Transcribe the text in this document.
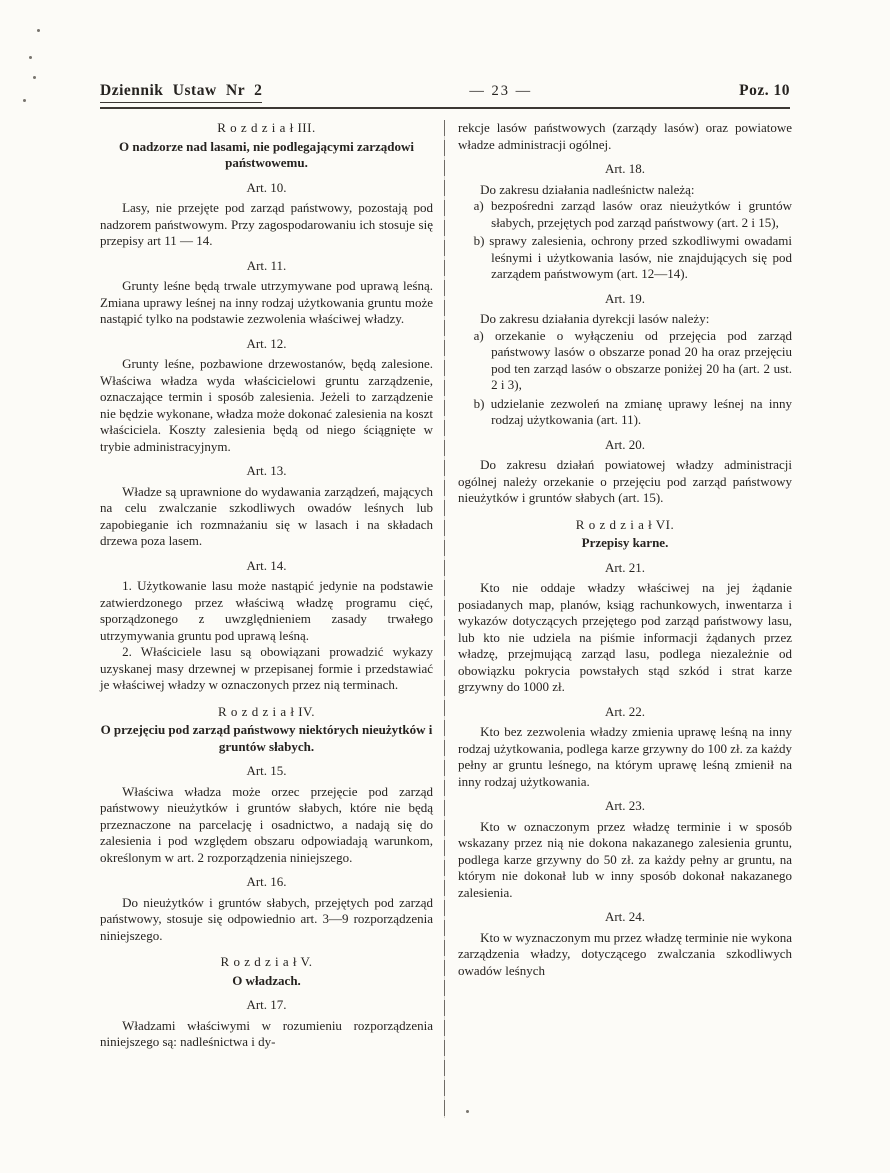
Dziennik Ustaw Nr 2	— 23 —	Poz. 10
R o z d z i a ł III.
O nadzorze nad lasami, nie podlegającymi zarządowi państwowemu.
Art. 10.
Lasy, nie przejęte pod zarząd państwowy, pozostają pod nadzorem państwowym. Przy zagospodarowaniu ich stosuje się przepisy art 11 — 14.
Art. 11.
Grunty leśne będą trwale utrzymywane pod uprawą leśną. Zmiana uprawy leśnej na inny rodzaj użytkowania gruntu może nastąpić tylko na podstawie zezwolenia właściwej władzy.
Art. 12.
Grunty leśne, pozbawione drzewostanów, będą zalesione. Właściwa władza wyda właścicielowi gruntu zarządzenie, oznaczające termin i sposób zalesienia. Jeżeli to zarządzenie nie będzie wykonane, władza może dokonać zalesienia na koszt właściciela. Koszty zalesienia będą od niego ściągnięte w trybie administracyjnym.
Art. 13.
Władze są uprawnione do wydawania zarządzeń, mających na celu zwalczanie szkodliwych owadów leśnych lub zapobieganie ich rozmnażaniu się w lasach i na składach drzewa poza lasem.
Art. 14.
1. Użytkowanie lasu może nastąpić jedynie na podstawie zatwierdzonego przez właściwą władzę programu cięć, sporządzonego z uwzględnieniem zasady trwałego utrzymywania gruntu pod uprawą leśną.
2. Właściciele lasu są obowiązani prowadzić wykazy uzyskanej masy drzewnej w przepisanej formie i przedstawiać je właściwej władzy w oznaczonych przez nią terminach.
R o z d z i a ł IV.
O przejęciu pod zarząd państwowy niektórych nieużytków i gruntów słabych.
Art. 15.
Właściwa władza może orzec przejęcie pod zarząd państwowy nieużytków i gruntów słabych, które nie będą przeznaczone na parcelację i osadnictwo, a nadają się do zalesienia i pod względem obszaru odpowiadają warunkom, określonym w art. 2 rozporządzenia niniejszego.
Art. 16.
Do nieużytków i gruntów słabych, przejętych pod zarząd państwowy, stosuje się odpowiednio art. 3—9 rozporządzenia niniejszego.
R o z d z i a ł V.
O władzach.
Art. 17.
Władzami właściwymi w rozumieniu rozporządzenia niniejszego są: nadleśnictwa i dy-
rekcje lasów państwowych (zarządy lasów) oraz powiatowe władze administracji ogólnej.
Art. 18.
Do zakresu działania nadleśnictw należą:
a) bezpośredni zarząd lasów oraz nieużytków i gruntów słabych, przejętych pod zarząd państwowy (art. 2 i 15),
b) sprawy zalesienia, ochrony przed szkodliwymi owadami leśnymi i użytkowania lasów, nie znajdujących się pod zarządem państwowym (art. 12—14).
Art. 19.
Do zakresu działania dyrekcji lasów należy:
a) orzekanie o wyłączeniu od przejęcia pod zarząd państwowy lasów o obszarze ponad 20 ha oraz przejęciu pod ten zarząd lasów o obszarze poniżej 20 ha (art. 2 ust. 2 i 3),
b) udzielanie zezwoleń na zmianę uprawy leśnej na inny rodzaj użytkowania (art. 11).
Art. 20.
Do zakresu działań powiatowej władzy administracji ogólnej należy orzekanie o przejęciu pod zarząd państwowy nieużytków i gruntów słabych (art. 15).
R o z d z i a ł VI.
Przepisy karne.
Art. 21.
Kto nie oddaje władzy właściwej na jej żądanie posiadanych map, planów, ksiąg rachunkowych, inwentarza i wykazów dotyczących przejętego pod zarząd państwowy lasu, lub kto nie udziela na piśmie informacji żądanych przez władzę, przejmującą zarząd lasu, podlega niezależnie od obowiązku pokrycia powstałych stąd szkód i strat karze grzywny do 1000 zł.
Art. 22.
Kto bez zezwolenia władzy zmienia uprawę leśną na inny rodzaj użytkowania, podlega karze grzywny do 100 zł. za każdy pełny ar gruntu leśnego, na którym uprawę leśną zmienił na inny rodzaj użytkowania.
Art. 23.
Kto w oznaczonym przez władzę terminie i w sposób wskazany przez nią nie dokona nakazanego zalesienia gruntu, podlega karze grzywny do 50 zł. za każdy pełny ar gruntu, na którym nie dokonał lub w inny sposób dokonał nakazanego zalesienia.
Art. 24.
Kto w wyznaczonym mu przez władzę terminie nie wykona zarządzenia władzy, dotyczącego zwalczania szkodliwych owadów leśnych
